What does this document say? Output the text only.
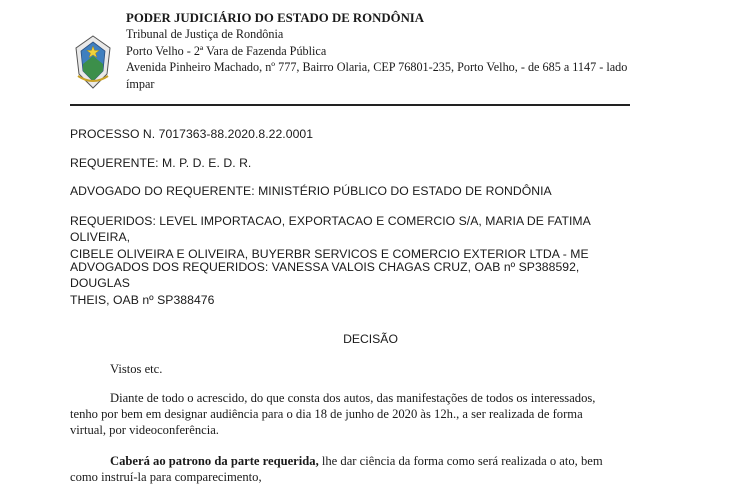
PODER JUDICIÁRIO DO ESTADO DE RONDÔNIA
Tribunal de Justiça de Rondônia
Porto Velho - 2ª Vara de Fazenda Pública
Avenida Pinheiro Machado, nº 777, Bairro Olaria, CEP 76801-235, Porto Velho, - de 685 a 1147 - lado
ímpar
PROCESSO N. 7017363-88.2020.8.22.0001
REQUERENTE: M. P. D. E. D. R.
ADVOGADO DO REQUERENTE: MINISTÉRIO PÚBLICO DO ESTADO DE RONDÔNIA
REQUERIDOS: LEVEL IMPORTACAO, EXPORTACAO E COMERCIO S/A, MARIA DE FATIMA OLIVEIRA,
CIBELE OLIVEIRA E OLIVEIRA, BUYERBR SERVICOS E COMERCIO EXTERIOR LTDA - ME
ADVOGADOS DOS REQUERIDOS: VANESSA VALOIS CHAGAS CRUZ, OAB nº SP388592, DOUGLAS
THEIS, OAB nº SP388476
DECISÃO
Vistos etc.
Diante de todo o acrescido, do que consta dos autos, das manifestações de todos os interessados,
tenho por bem em designar audiência para o dia 18 de junho de 2020 às 12h., a ser realizada de forma
virtual, por videoconferência.
Caberá ao patrono da parte requerida, lhe dar ciência da forma como será realizada o ato, bem
como instruí-la para comparecimento,
